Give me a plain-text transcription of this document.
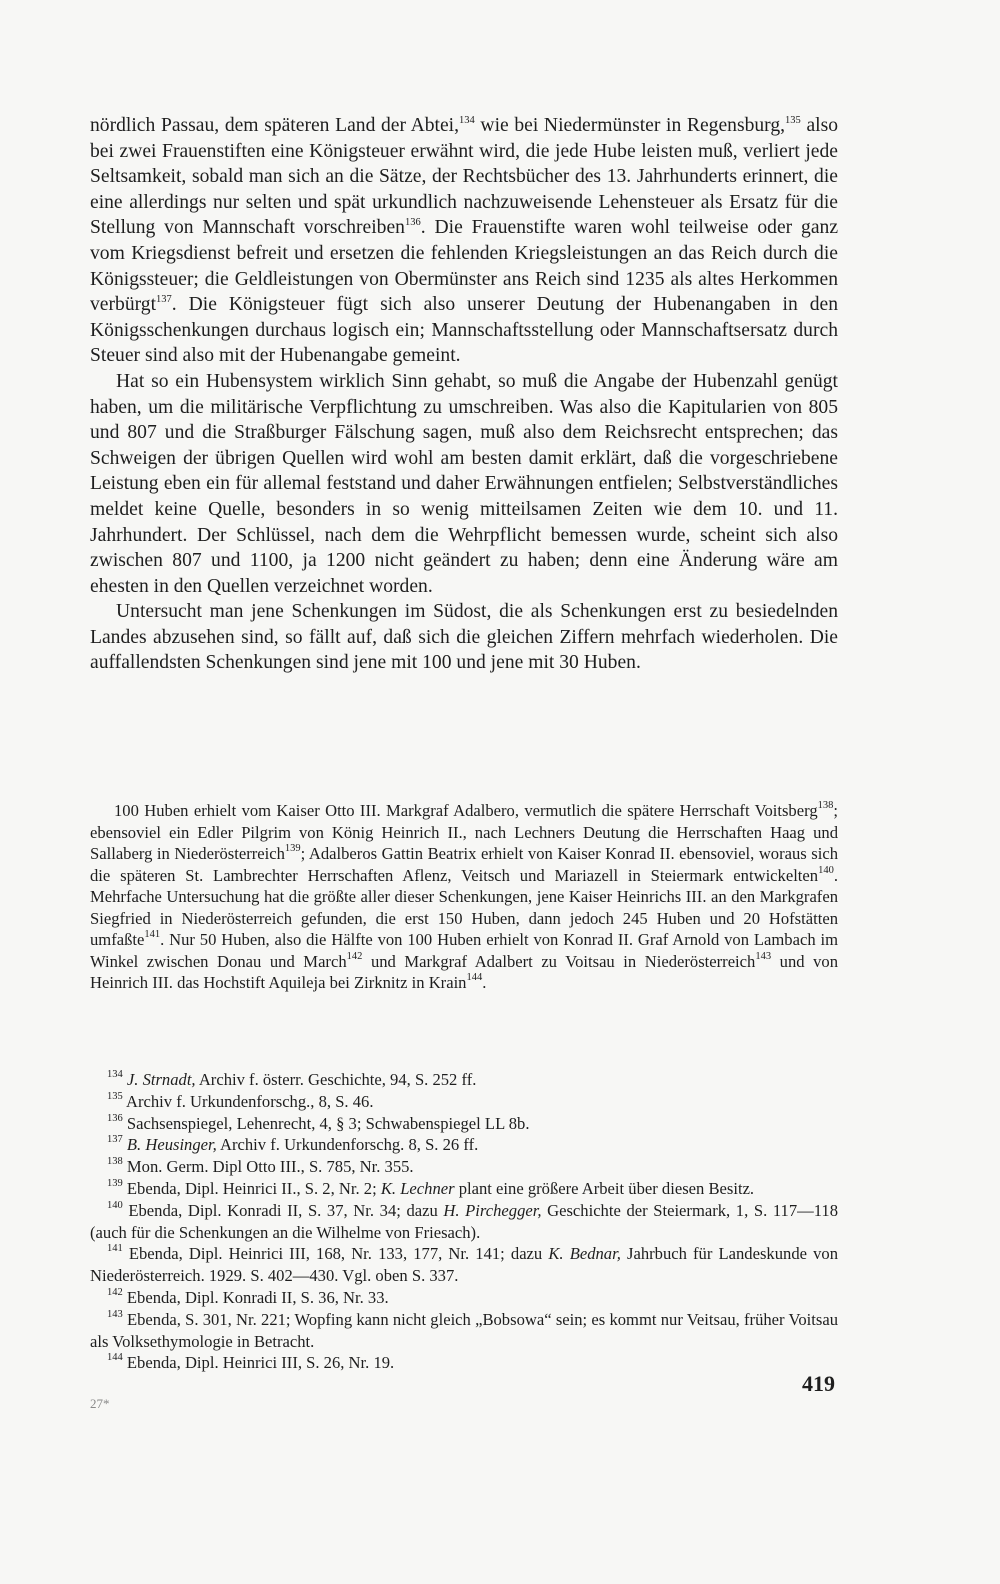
nördlich Passau, dem späteren Land der Abtei,$^{134}$ wie bei Niedermünster in Regensburg,$^{135}$ also bei zwei Frauenstiften eine Königsteuer erwähnt wird, die jede Hube leisten muß, verliert jede Seltsamkeit, sobald man sich an die Sätze, der Rechtsbücher des 13. Jahrhunderts erinnert, die eine allerdings nur selten und spät urkundlich nachzuweisende Lehensteuer als Ersatz für die Stellung von Mannschaft vorschreiben$^{136}$. Die Frauenstifte waren wohl teilweise oder ganz vom Kriegsdienst befreit und ersetzen die fehlenden Kriegsleistungen an das Reich durch die Königssteuer; die Geldleistungen von Obermünster ans Reich sind 1235 als altes Herkommen verbürgt$^{137}$. Die Königsteuer fügt sich also unserer Deutung der Hubenangaben in den Königsschenkungen durchaus logisch ein; Mannschaftsstellung oder Mannschaftsersatz durch Steuer sind also mit der Hubenangabe gemeint.

Hat so ein Hubensystem wirklich Sinn gehabt, so muß die Angabe der Hubenzahl genügt haben, um die militärische Verpflichtung zu umschreiben. Was also die Kapitularien von 805 und 807 und die Straßburger Fälschung sagen, muß also dem Reichsrecht entsprechen; das Schweigen der übrigen Quellen wird wohl am besten damit erklärt, daß die vorgeschriebene Leistung eben ein für allemal feststand und daher Erwähnungen entfielen; Selbstverständliches meldet keine Quelle, besonders in so wenig mitteilsamen Zeiten wie dem 10. und 11. Jahrhundert. Der Schlüssel, nach dem die Wehrpflicht bemessen wurde, scheint sich also zwischen 807 und 1100, ja 1200 nicht geändert zu haben; denn eine Änderung wäre am ehesten in den Quellen verzeichnet worden.

Untersucht man jene Schenkungen im Südost, die als Schenkungen erst zu besiedelnden Landes abzusehen sind, so fällt auf, daß sich die gleichen Ziffern mehrfach wiederholen. Die auffallendsten Schenkungen sind jene mit 100 und jene mit 30 Huben.

100 Huben erhielt vom Kaiser Otto III. Markgraf Adalbero, vermutlich die spätere Herrschaft Voitsberg$^{138}$; ebensoviel ein Edler Pilgrim von König Heinrich II., nach Lechners Deutung die Herrschaften Haag und Sallaberg in Niederösterreich$^{139}$; Adalberos Gattin Beatrix erhielt von Kaiser Konrad II. ebensoviel, woraus sich die späteren St. Lambrechter Herrschaften Aflenz, Veitsch und Mariazell in Steiermark entwickelten$^{140}$. Mehrfache Untersuchung hat die größte aller dieser Schenkungen, jene Kaiser Heinrichs III. an den Markgrafen Siegfried in Niederösterreich gefunden, die erst 150 Huben, dann jedoch 245 Huben und 20 Hofstätten umfaßte$^{141}$. Nur 50 Huben, also die Hälfte von 100 Huben erhielt von Konrad II. Graf Arnold von Lambach im Winkel zwischen Donau und March$^{142}$ und Markgraf Adalbert zu Voitsau in Niederösterreich$^{143}$ und von Heinrich III. das Hochstift Aquileja bei Zirknitz in Krain$^{144}$.

$^{134}$ J. Strnadt, Archiv f. österr. Geschichte, 94, S. 252 ff.

$^{135}$ Archiv f. Urkundenforschg., 8, S. 46.

$^{136}$ Sachsenspiegel, Lehenrecht, 4, § 3; Schwabenspiegel LL 8b.

$^{137}$ B. Heusinger, Archiv f. Urkundenforschg. 8, S. 26 ff.

$^{138}$ Mon. Germ. Dipl Otto III., S. 785, Nr. 355.

$^{139}$ Ebenda, Dipl. Heinrici II., S. 2, Nr. 2; K. Lechner plant eine größere Arbeit über diesen Besitz.

$^{140}$ Ebenda, Dipl. Konradi II, S. 37, Nr. 34; dazu H. Pirchegger, Geschichte der Steiermark, 1, S. 117—118 (auch für die Schenkungen an die Wilhelme von Friesach).

$^{141}$ Ebenda, Dipl. Heinrici III, 168, Nr. 133, 177, Nr. 141; dazu K. Bednar, Jahrbuch für Landeskunde von Niederösterreich. 1929. S. 402—430. Vgl. oben S. 337.

$^{142}$ Ebenda, Dipl. Konradi II, S. 36, Nr. 33.

$^{143}$ Ebenda, S. 301, Nr. 221; Wopfing kann nicht gleich „Bobsowa“ sein; es kommt nur Veitsau, früher Voitsau als Volksethymologie in Betracht.

$^{144}$ Ebenda, Dipl. Heinrici III, S. 26, Nr. 19.

419
27*
